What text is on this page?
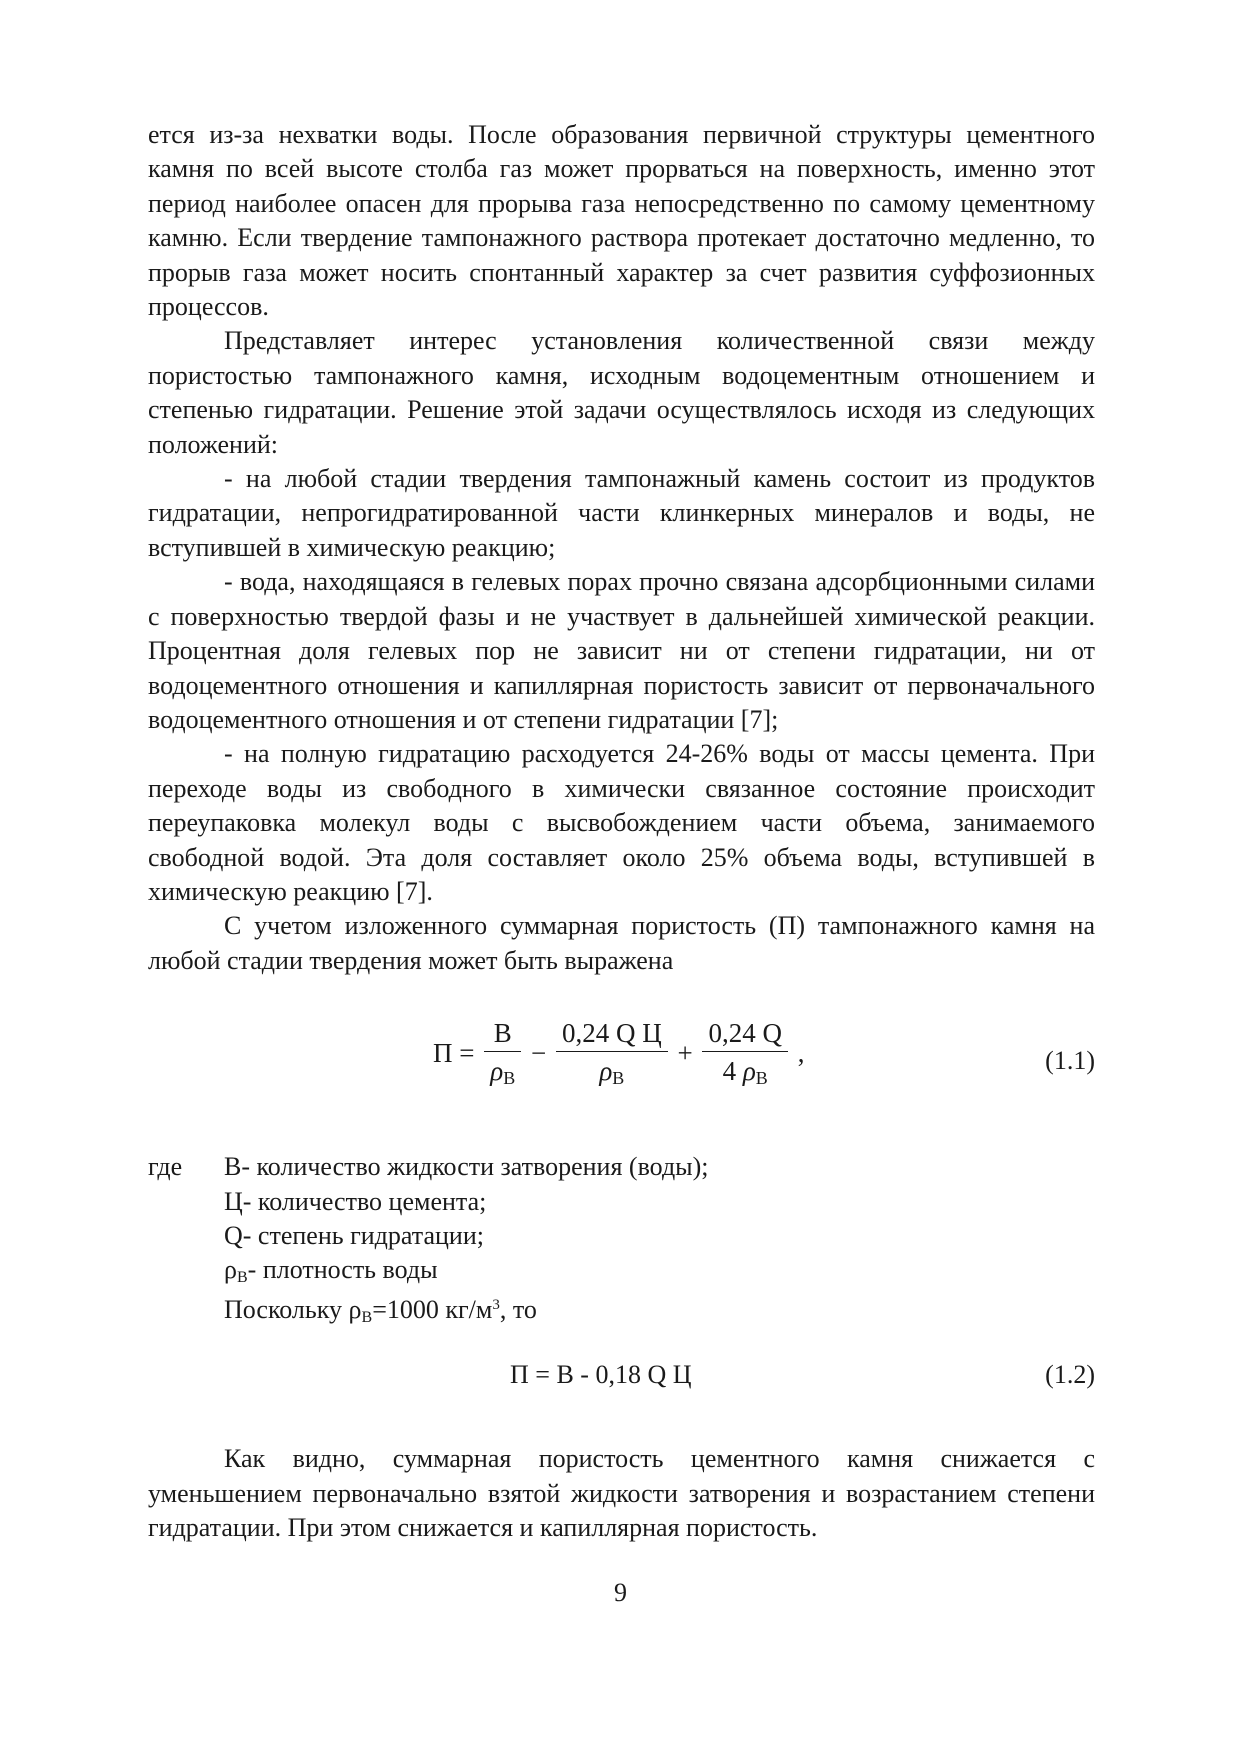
ется из-за нехватки воды. После образования первичной структуры цементного камня по всей высоте столба газ может прорваться на поверхность, именно этот период наиболее опасен для прорыва газа непосредственно по самому цементному камню. Если твердение тампонажного раствора протекает достаточно медленно, то прорыв газа может носить спонтанный характер за счет развития суффозионных процессов.

Представляет интерес установления количественной связи между пористостью тампонажного камня, исходным водоцементным отношением и степенью гидратации. Решение этой задачи осуществлялось исходя из следующих положений:

- на любой стадии твердения тампонажный камень состоит из продуктов гидратации, непрогидратированной части клинкерных минералов и воды, не вступившей в химическую реакцию;

- вода, находящаяся в гелевых порах прочно связана адсорбционными силами с поверхностью твердой фазы и не участвует в дальнейшей химической реакции. Процентная доля гелевых пор не зависит ни от степени гидратации, ни от водоцементного отношения и капиллярная пористость зависит от первоначального водоцементного отношения и от степени гидратации [7];

- на полную гидратацию расходуется 24-26% воды от массы цемента. При переходе воды из свободного в химически связанное состояние происходит переупаковка молекул воды с высвобождением части объема, занимаемого свободной водой. Эта доля составляет около 25% объема воды, вступившей в химическую реакцию [7].

С учетом изложенного суммарная пористость (П) тампонажного камня на любой стадии твердения может быть выражена

$П = \frac{В}{\rho_В} - \frac{\text{0,24 Q Ц}}{\rho_В} + \frac{0,24 Q}{4 \rho_В}$ ,	(1.1)
где В- количество жидкости затворения (воды);
Ц- количество цемента;
Q- степень гидратации;
ρВ- плотность воды
Поскольку ρВ=1000 $кг/м^3$, то
П = В - 0,18 Q Ц	(1.2)

Как видно, суммарная пористость цементного камня снижается с уменьшением первоначально взятой жидкости затворения и возрастанием степени гидратации. При этом снижается и капиллярная пористость.

9
